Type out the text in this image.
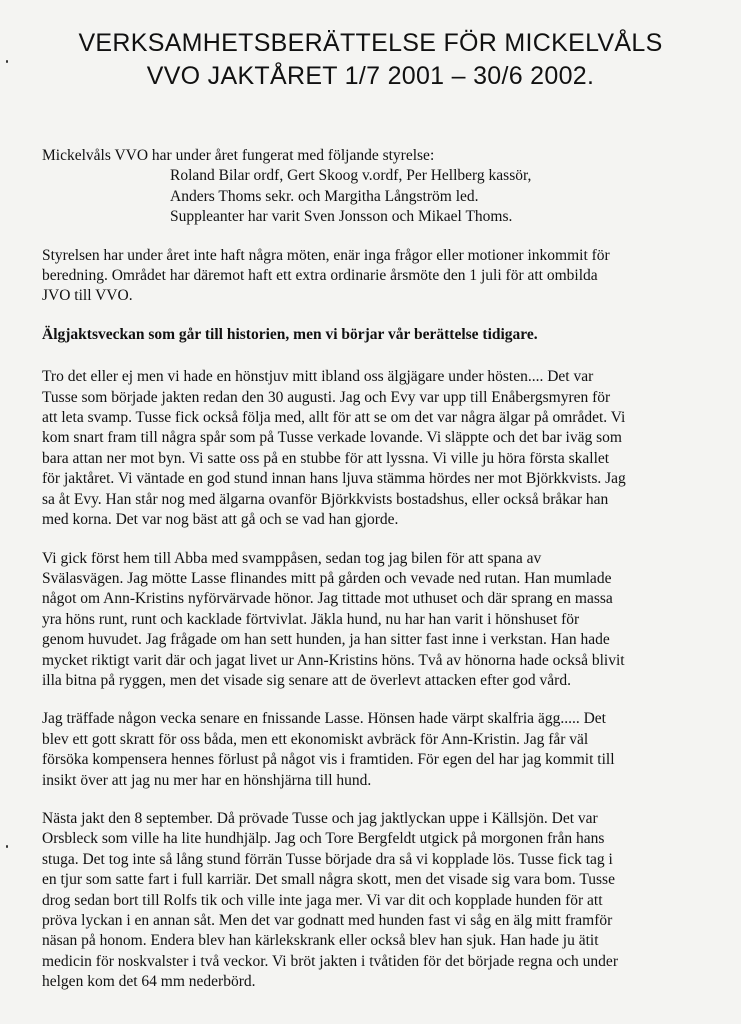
VERKSAMHETSBERÄTTELSE FÖR MICKELVÅLS
VVO JAKTÅRET 1/7 2001 – 30/6 2002.

Mickelvåls VVO har under året fungerat med följande styrelse:
Roland Bilar ordf, Gert Skoog v.ordf, Per Hellberg kassör,
Anders Thoms sekr. och Margitha Långström led.
Suppleanter har varit Sven Jonsson och Mikael Thoms.

Styrelsen har under året inte haft några möten, enär inga frågor eller motioner inkommit för
beredning. Området har däremot haft ett extra ordinarie årsmöte den 1 juli för att ombilda
JVO till VVO.

Älgjaktsveckan som går till historien, men vi börjar vår berättelse tidigare.

Tro det eller ej men vi hade en hönstjuv mitt ibland oss älgjägare under hösten.... Det var
Tusse som började jakten redan den 30 augusti. Jag och Evy var upp till Enåbergsmyren för
att leta svamp. Tusse fick också följa med, allt för att se om det var några älgar på området. Vi
kom snart fram till några spår som på Tusse verkade lovande. Vi släppte och det bar iväg som
bara attan ner mot byn. Vi satte oss på en stubbe för att lyssna. Vi ville ju höra första skallet
för jaktåret. Vi väntade en god stund innan hans ljuva stämma hördes ner mot Björkkvists. Jag
sa åt Evy. Han står nog med älgarna ovanför Björkkvists bostadshus, eller också bråkar han
med korna. Det var nog bäst att gå och se vad han gjorde.

Vi gick först hem till Abba med svamppåsen, sedan tog jag bilen för att spana av
Svälasvägen. Jag mötte Lasse flinandes mitt på gården och vevade ned rutan. Han mumlade
något om Ann-Kristins nyförvärvade hönor. Jag tittade mot uthuset och där sprang en massa
yra höns runt, runt och kacklade förtvivlat. Jäkla hund, nu har han varit i hönshuset för
genom huvudet. Jag frågade om han sett hunden, ja han sitter fast inne i verkstan. Han hade
mycket riktigt varit där och jagat livet ur Ann-Kristins höns. Två av hönorna hade också blivit
illa bitna på ryggen, men det visade sig senare att de överlevt attacken efter god vård.

Jag träffade någon vecka senare en fnissande Lasse. Hönsen hade värpt skalfria ägg..... Det
blev ett gott skratt för oss båda, men ett ekonomiskt avbräck för Ann-Kristin. Jag får väl
försöka kompensera hennes förlust på något vis i framtiden. För egen del har jag kommit till
insikt över att jag nu mer har en hönshjärna till hund.

Nästa jakt den 8 september. Då prövade Tusse och jag jaktlyckan uppe i Källsjön. Det var
Orsbleck som ville ha lite hundhjälp. Jag och Tore Bergfeldt utgick på morgonen från hans
stuga. Det tog inte så lång stund förrän Tusse började dra så vi kopplade lös. Tusse fick tag i
en tjur som satte fart i full karriär. Det small några skott, men det visade sig vara bom. Tusse
drog sedan bort till Rolfs tik och ville inte jaga mer. Vi var dit och kopplade hunden för att
pröva lyckan i en annan såt. Men det var godnatt med hunden fast vi såg en älg mitt framför
näsan på honom. Endera blev han kärlekskrank eller också blev han sjuk. Han hade ju ätit
medicin för noskvalster i två veckor. Vi bröt jakten i tvåtiden för det började regna och under
helgen kom det 64 mm nederbörd.
